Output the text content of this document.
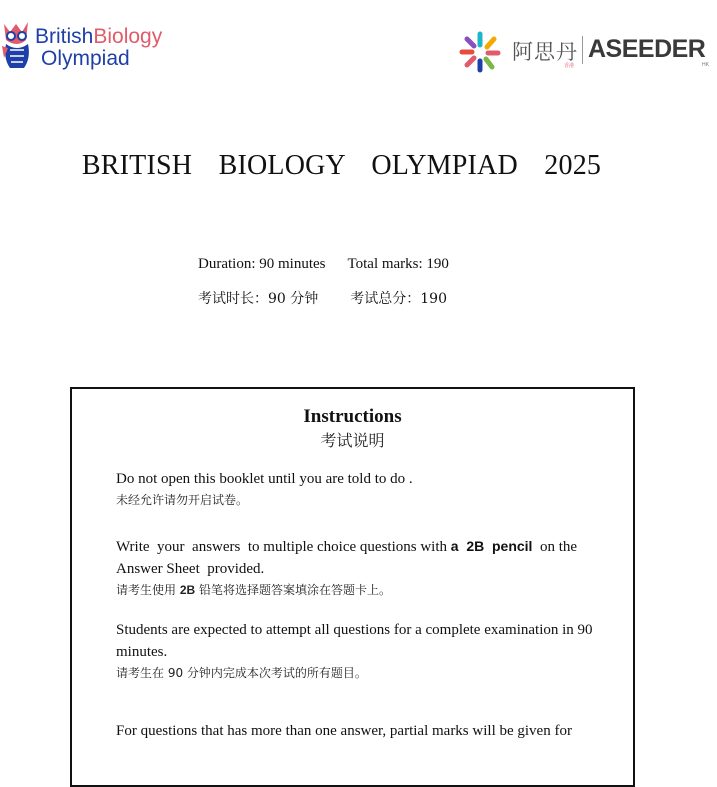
BritishBiology
Olympiad	阿思丹
香港
ASEEDER
HK
BRITISH  BIOLOGY  OLYMPIAD  2025
Duration: 90 minutes Total marks: 190
考试时长：90 分钟 考试总分：190
Instructions
考试说明
Do not open this booklet until you are told to do .
未经允许请勿开启试卷。
Write  your  answers  to multiple choice questions with a  2B  pencil  on the  Answer Sheet  provided.
请考生使用 2B 铅笔将选择题答案填涂在答题卡上。
Students are expected to attempt all questions for a complete examination in 90 minutes.
请考生在 90 分钟内完成本次考试的所有题目。
For questions that has more than one answer, partial marks will be given for
